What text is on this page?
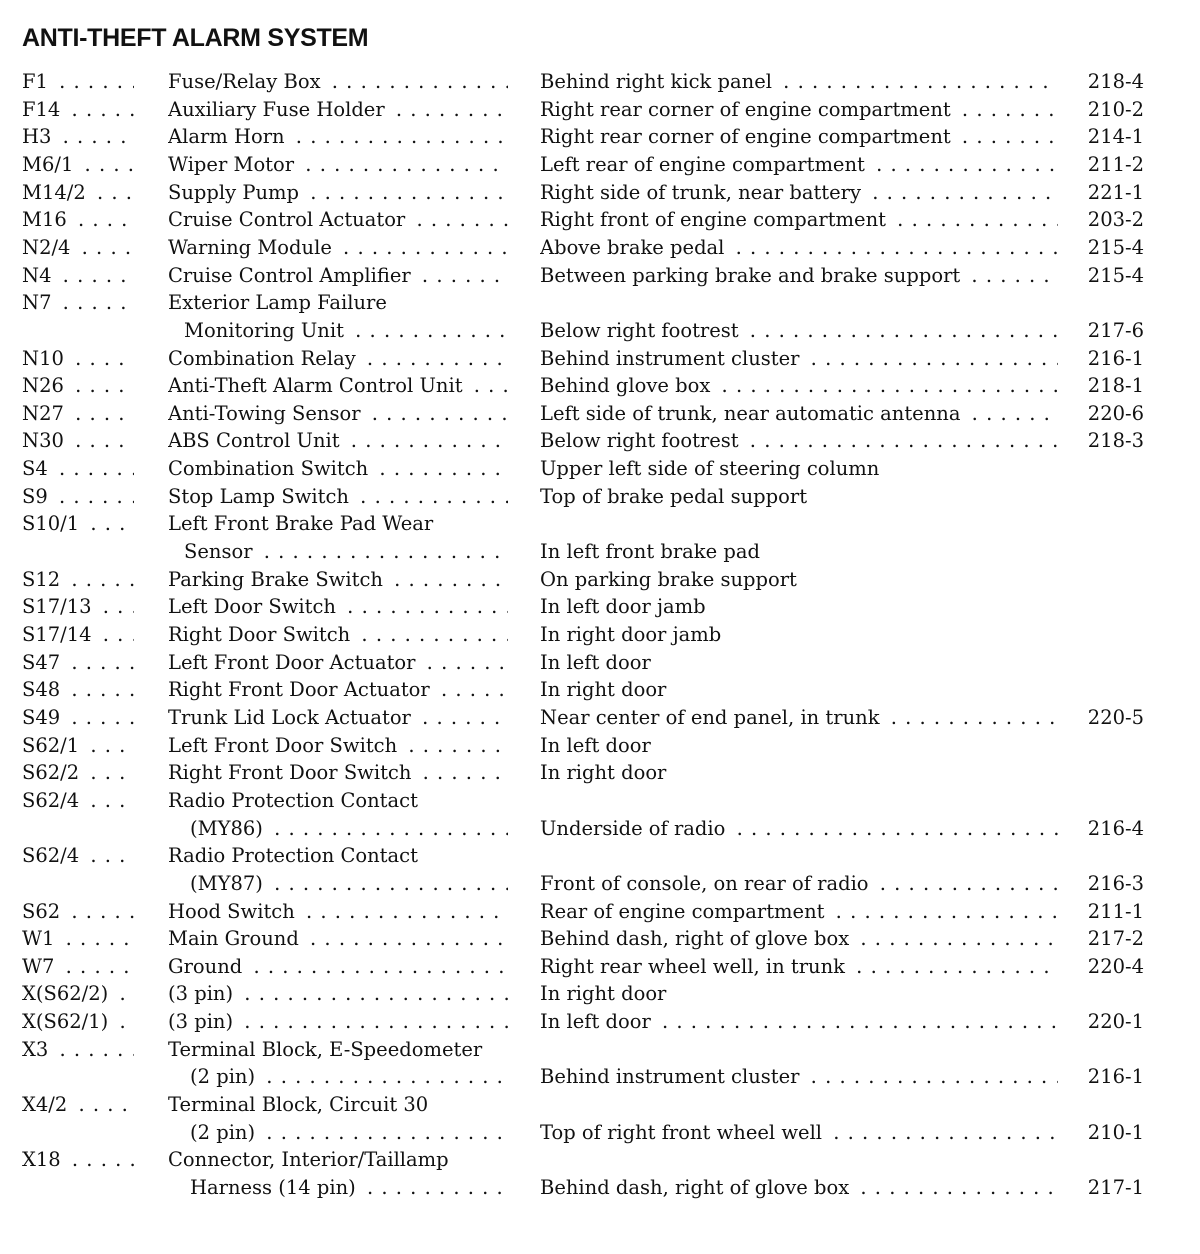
ANTI-THEFT ALARM SYSTEM
F1 . . .	Fuse/Relay Box . . .	Behind right kick panel . . .	218-4
F14 . . .	Auxiliary Fuse Holder . . .	Right rear corner of engine compartment . . .	210-2
H3 . . .	Alarm Horn . . .	Right rear corner of engine compartment . . .	214-1
M6/1 . . .	Wiper Motor . . .	Left rear of engine compartment . . .	211-2
M14/2 . . .	Supply Pump . . .	Right side of trunk, near battery . . .	221-1
M16 . . .	Cruise Control Actuator . . .	Right front of engine compartment . . .	203-2
N2/4 . . .	Warning Module . . .	Above brake pedal . . .	215-4
N4 . . .	Cruise Control Amplifier . . .	Between parking brake and brake support . . .	215-4
N7 . . .	Exterior Lamp Failure
Monitoring Unit . . .	Below right footrest . . .	217-6
N10 . . .	Combination Relay . . .	Behind instrument cluster . . .	216-1
N26 . . .	Anti-Theft Alarm Control Unit . . .	Behind glove box . . .	218-1
N27 . . .	Anti-Towing Sensor . . .	Left side of trunk, near automatic antenna . . .	220-6
N30 . . .	ABS Control Unit . . .	Below right footrest . . .	218-3
S4 . . .	Combination Switch . . .	Upper left side of steering column
S9 . . .	Stop Lamp Switch . . .	Top of brake pedal support
S10/1 . . .	Left Front Brake Pad Wear
Sensor . . .	In left front brake pad
S12 . . .	Parking Brake Switch . . .	On parking brake support
S17/13 . . .	Left Door Switch . . .	In left door jamb
S17/14 . . .	Right Door Switch . . .	In right door jamb
S47 . . .	Left Front Door Actuator . . .	In left door
S48 . . .	Right Front Door Actuator . . .	In right door
S49 . . .	Trunk Lid Lock Actuator . . .	Near center of end panel, in trunk . . .	220-5
S62/1 . . .	Left Front Door Switch . . .	In left door
S62/2 . . .	Right Front Door Switch . . .	In right door
S62/4 . . .	Radio Protection Contact
(MY86) . . .	Underside of radio . . .	216-4
S62/4 . . .	Radio Protection Contact
(MY87) . . .	Front of console, on rear of radio . . .	216-3
S62 . . .	Hood Switch . . .	Rear of engine compartment . . .	211-1
W1 . . .	Main Ground . . .	Behind dash, right of glove box . . .	217-2
W7 . . .	Ground . . .	Right rear wheel well, in trunk . . .	220-4
X(S62/2) . . .	(3 pin) . . .	In right door
X(S62/1) . . .	(3 pin) . . .	In left door . . .	220-1
X3 . . .	Terminal Block, E-Speedometer
(2 pin) . . .	Behind instrument cluster . . .	216-1
X4/2 . . .	Terminal Block, Circuit 30
(2 pin) . . .	Top of right front wheel well . . .	210-1
X18 . . .	Connector, Interior/Taillamp
Harness (14 pin) . . .	Behind dash, right of glove box . . .	217-1
